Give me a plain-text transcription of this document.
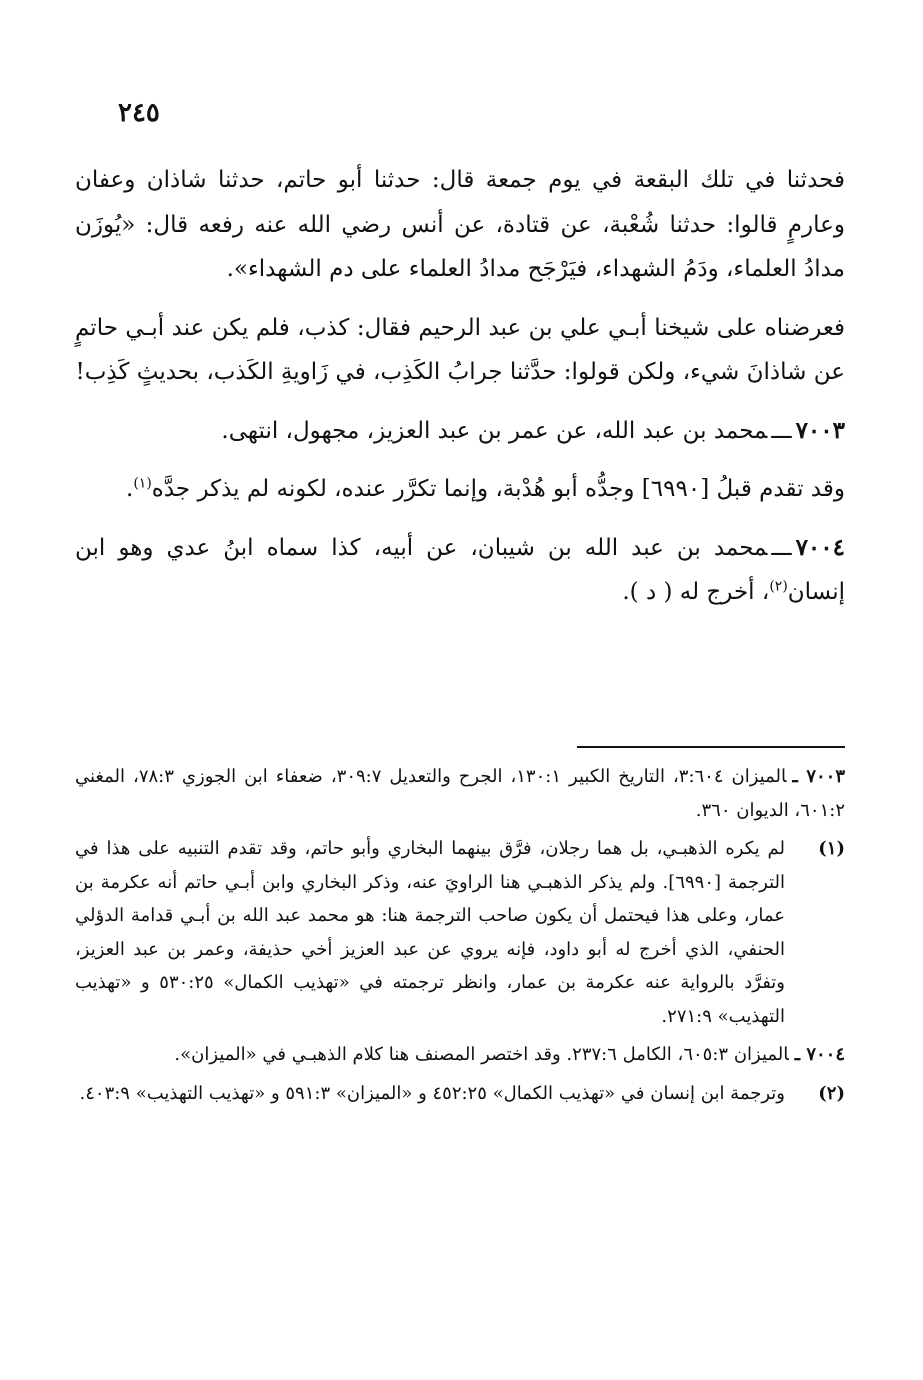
٢٤٥

فحدثنا في تلك البقعة في يوم جمعة قال: حدثنا أبو حاتم، حدثنا شاذان وعفان وعارمٍ قالوا: حدثنا شُعْبة، عن قتادة، عن أنس رضي الله عنه رفعه قال: «يُوزَن مدادُ العلماء، ودَمُ الشهداء، فيَرْجَح مدادُ العلماء على دم الشهداء».

فعرضناه على شيخنا أبـي علي بن عبد الرحيم فقال: كذب، فلم يكن عند أبـي حاتمٍ عن شاذانَ شيء، ولكن قولوا: حدَّثنا جرابُ الكَذِب، في زَاويةِ الكَذب، بحديثٍ كَذِب!

٧٠٠٣ـــمحمد بن عبد الله، عن عمر بن عبد العزيز، مجهول، انتهى.

وقد تقدم قبلُ [٦٩٩٠] وجدُّه أبو هُدْبة، وإنما تكرَّر عنده، لكونه لم يذكر جدَّه$^{(١)}$.

٧٠٠٤ـــمحمد بن عبد الله بن شيبان، عن أبيه، كذا سماه ابنُ عدي وهو ابن إنسان$^{(٢)}$، أخرج له ( د ).

٧٠٠٣ ـالميزان ٣:٦٠٤، التاريخ الكبير ١٣٠:١، الجرح والتعديل ٣٠٩:٧، ضعفاء ابن الجوزي ٧٨:٣، المغني ٦٠١:٢، الديوان ٣٦٠.

(١)
لم يكره الذهبـي، بل هما رجلان، فرَّق بينهما البخاري وأبو حاتم، وقد تقدم التنبيه على هذا في الترجمة [٦٩٩٠]. ولم يذكر الذهبـي هنا الراويَ عنه، وذكر البخاري وابن أبـي حاتم أنه عكرمة بن عمار، وعلى هذا فيحتمل أن يكون صاحب الترجمة هنا: هو محمد عبد الله بن أبـي قدامة الدؤلي الحنفي، الذي أخرج له أبو داود، فإنه يروي عن عبد العزيز أخي حذيفة، وعمر بن عبد العزيز، وتفرَّد بالرواية عنه عكرمة بن عمار، وانظر ترجمته في «تهذيب الكمال» ٥٣٠:٢٥ و «تهذيب التهذيب» ٢٧١:٩.

٧٠٠٤ ـالميزان ٦٠٥:٣، الكامل ٢٣٧:٦. وقد اختصر المصنف هنا كلام الذهبـي في «الميزان».

(٢)
وترجمة ابن إنسان في «تهذيب الكمال» ٤٥٢:٢٥ و «الميزان» ٥٩١:٣ و «تهذيب التهذيب» ٤٠٣:٩.
